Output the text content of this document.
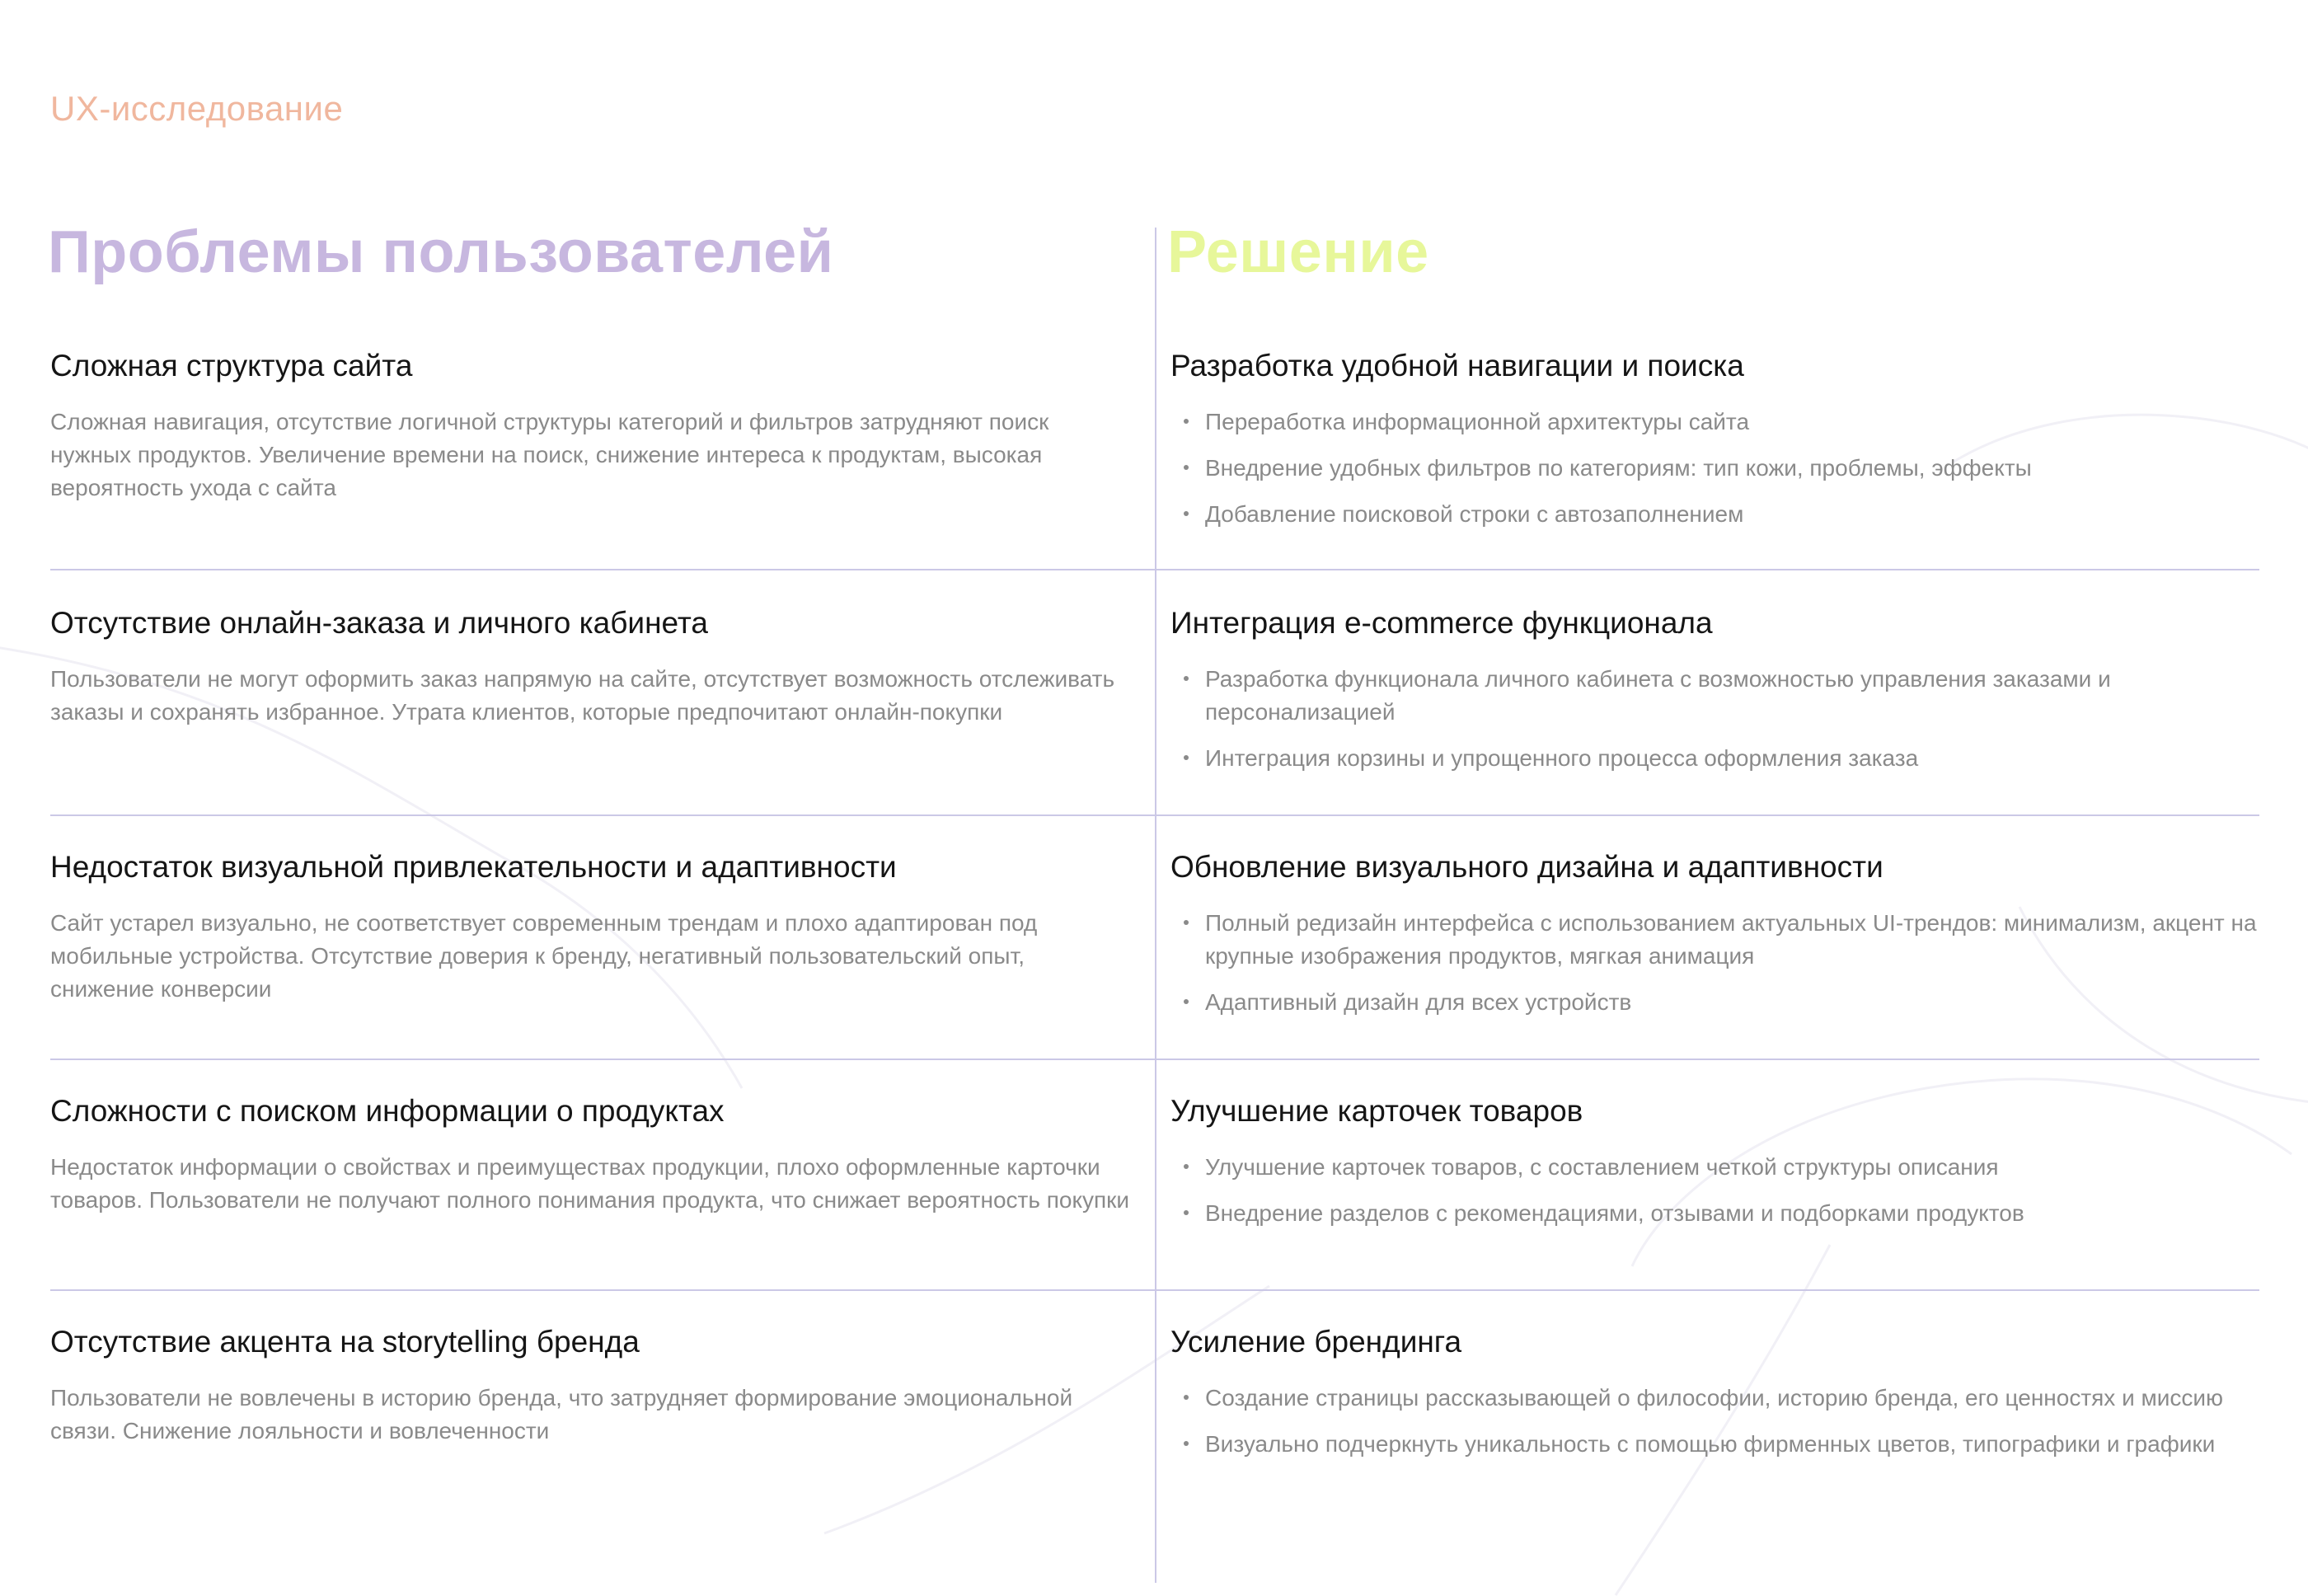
UX-исследование
Проблемы пользователей	Решение
Сложная структура сайта

Сложная навигация, отсутствие логичной структуры категорий и фильтров затрудняют поиск нужных продуктов. Увеличение времени на поиск, снижение интереса к продуктам, высокая вероятность ухода с сайта

Разработка удобной навигации и поиска
Переработка информационной архитектуры сайта
Внедрение удобных фильтров по категориям: тип кожи, проблемы, эффекты
Добавление поисковой строки с автозаполнением
Отсутствие онлайн-заказа и личного кабинета

Пользователи не могут оформить заказ напрямую на сайте, отсутствует возможность отслеживать заказы и сохранять избранное. Утрата клиентов, которые предпочитают онлайн-покупки

Интеграция e-commerce функционала
Разработка функционала личного кабинета с возможностью управления заказами и персонализацией
Интеграция корзины и упрощенного процесса оформления заказа
Недостаток визуальной привлекательности и адаптивности

Сайт устарел визуально, не соответствует современным трендам и плохо адаптирован под мобильные устройства. Отсутствие доверия к бренду, негативный пользовательский опыт, снижение конверсии

Обновление визуального дизайна и адаптивности
Полный редизайн интерфейса с использованием актуальных UI-трендов: минимализм, акцент на крупные изображения продуктов, мягкая анимация
Адаптивный дизайн для всех устройств
Сложности с поиском информации о продуктах

Недостаток информации о свойствах и преимуществах продукции, плохо оформленные карточки товаров. Пользователи не получают полного понимания продукта, что снижает вероятность покупки

Улучшение карточек товаров
Улучшение карточек товаров, с составлением четкой структуры описания
Внедрение разделов с рекомендациями, отзывами и подборками продуктов
Отсутствие акцента на storytelling бренда

Пользователи не вовлечены в историю бренда, что затрудняет формирование эмоциональной связи. Снижение лояльности и вовлеченности

Усиление брендинга
Создание страницы рассказывающей о философии, историю бренда, его ценностях и миссию
Визуально подчеркнуть уникальность с помощью фирменных цветов, типографики и графики
